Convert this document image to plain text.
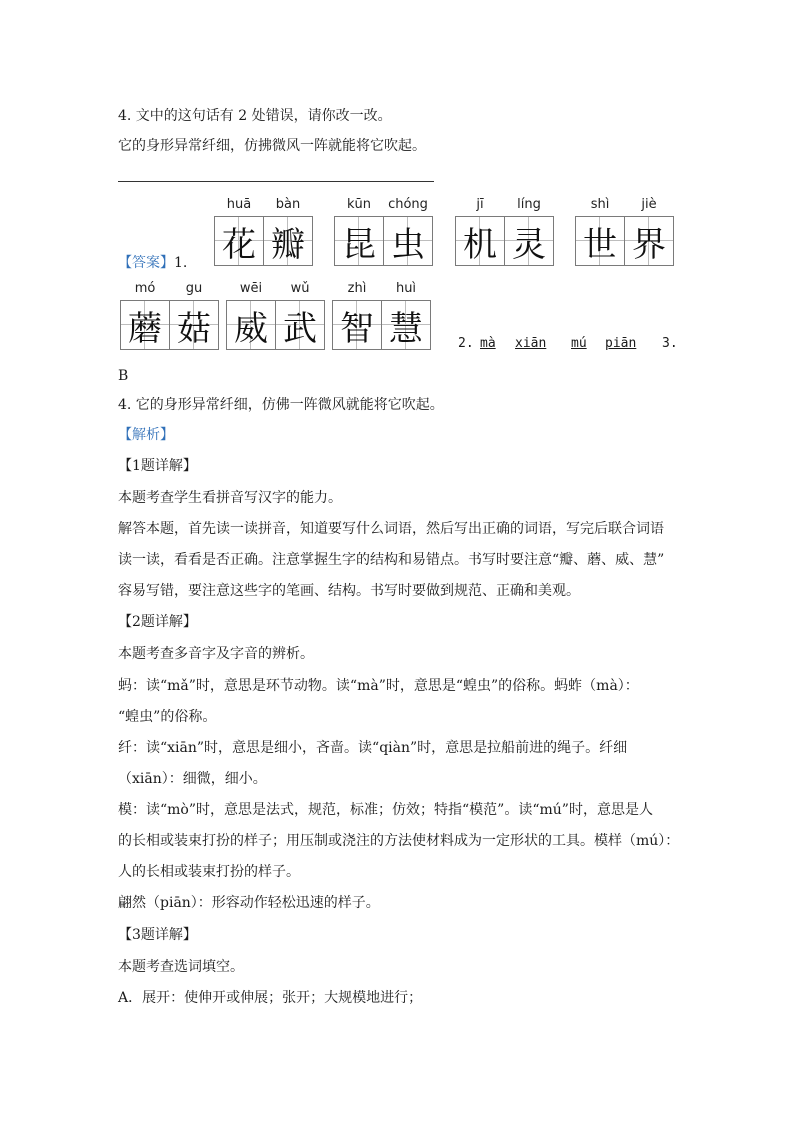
4. 文中的这句话有 2 处错误，请你改一改。
它的身形异常纤细，仿拂微风一阵就能将它吹起。
【答案】1.
huā	bàn
花 瓣
kūn	chóng
昆 虫
jī	líng
机 灵
shì	jiè
世 界
mó	gu
蘑 菇
wēi	wǔ
威 武
zhì	huì
智 慧	2. mà xiān mú piān 3.
B
4. 它的身形异常纤细，仿佛一阵微风就能将它吹起。
【解析】
【1题详解】
本题考查学生看拼音写汉字的能力。
解答本题，首先读一读拼音，知道要写什么词语，然后写出正确的词语，写完后联合词语
读一读，看看是否正确。注意掌握生字的结构和易错点。书写时要注意“瓣、蘑、威、慧”
容易写错，要注意这些字的笔画、结构。书写时要做到规范、正确和美观。
【2题详解】
本题考查多音字及字音的辨析。
蚂：读“mǎ”时，意思是环节动物。读“mà”时，意思是“蝗虫”的俗称。蚂蚱（mà）：
“蝗虫”的俗称。
纤：读“xiān”时，意思是细小，吝啬。读“qiàn”时，意思是拉船前进的绳子。纤细
（xiān）：细微，细小。
模：读“mò”时，意思是法式，规范，标准；仿效；特指“模范”。读“mú”时，意思是人
的长相或装束打扮的样子；用压制或浇注的方法使材料成为一定形状的工具。模样（mú）：
人的长相或装束打扮的样子。
翩然（piān）：形容动作轻松迅速的样子。
【3题详解】
本题考查选词填空。
A．展开：使伸开或伸展；张开；大规模地进行；
